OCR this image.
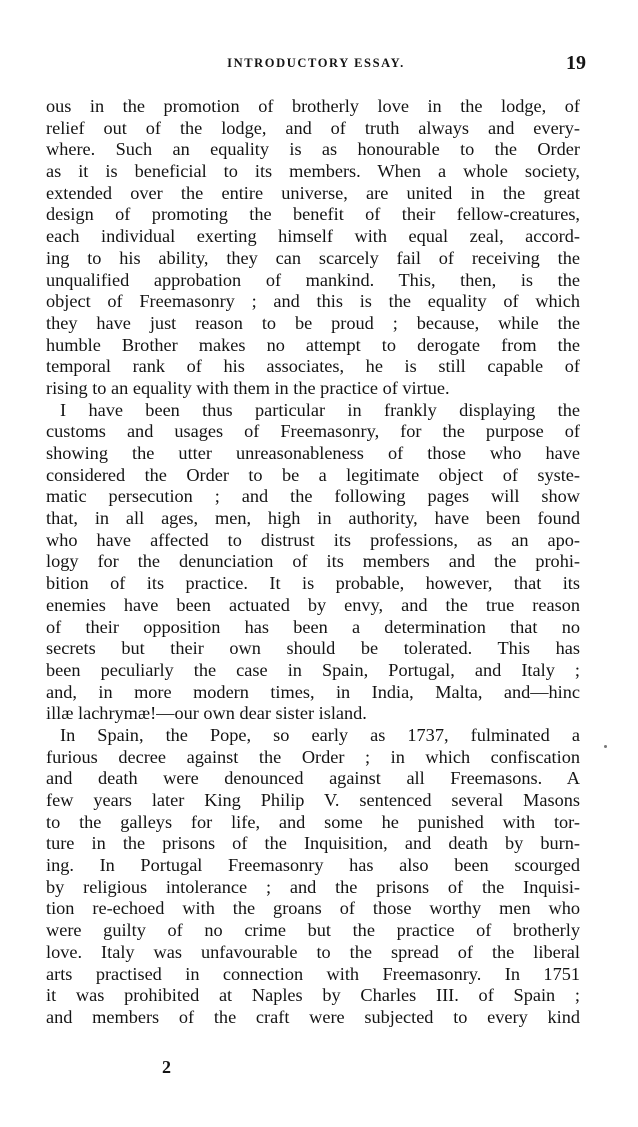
INTRODUCTORY ESSAY.	19
ous in the promotion of brotherly love in the lodge, of
relief out of the lodge, and of truth always and every-
where. Such an equality is as honourable to the Order
as it is beneficial to its members. When a whole society,
extended over the entire universe, are united in the great
design of promoting the benefit of their fellow-creatures,
each individual exerting himself with equal zeal, accord-
ing to his ability, they can scarcely fail of receiving the
unqualified approbation of mankind. This, then, is the
object of Freemasonry ; and this is the equality of which
they have just reason to be proud ; because, while the
humble Brother makes no attempt to derogate from the
temporal rank of his associates, he is still capable of
rising to an equality with them in the practice of virtue.
I have been thus particular in frankly displaying the
customs and usages of Freemasonry, for the purpose of
showing the utter unreasonableness of those who have
considered the Order to be a legitimate object of syste-
matic persecution ; and the following pages will show
that, in all ages, men, high in authority, have been found
who have affected to distrust its professions, as an apo-
logy for the denunciation of its members and the prohi-
bition of its practice. It is probable, however, that its
enemies have been actuated by envy, and the true reason
of their opposition has been a determination that no
secrets but their own should be tolerated. This has
been peculiarly the case in Spain, Portugal, and Italy ;
and, in more modern times, in India, Malta, and—hinc
illæ lachrymæ!—our own dear sister island.
In Spain, the Pope, so early as 1737, fulminated a
furious decree against the Order ; in which confiscation
and death were denounced against all Freemasons. A
few years later King Philip V. sentenced several Masons
to the galleys for life, and some he punished with tor-
ture in the prisons of the Inquisition, and death by burn-
ing. In Portugal Freemasonry has also been scourged
by religious intolerance ; and the prisons of the Inquisi-
tion re-echoed with the groans of those worthy men who
were guilty of no crime but the practice of brotherly
love. Italy was unfavourable to the spread of the liberal
arts practised in connection with Freemasonry. In 1751
it was prohibited at Naples by Charles III. of Spain ;
and members of the craft were subjected to every kind
2
